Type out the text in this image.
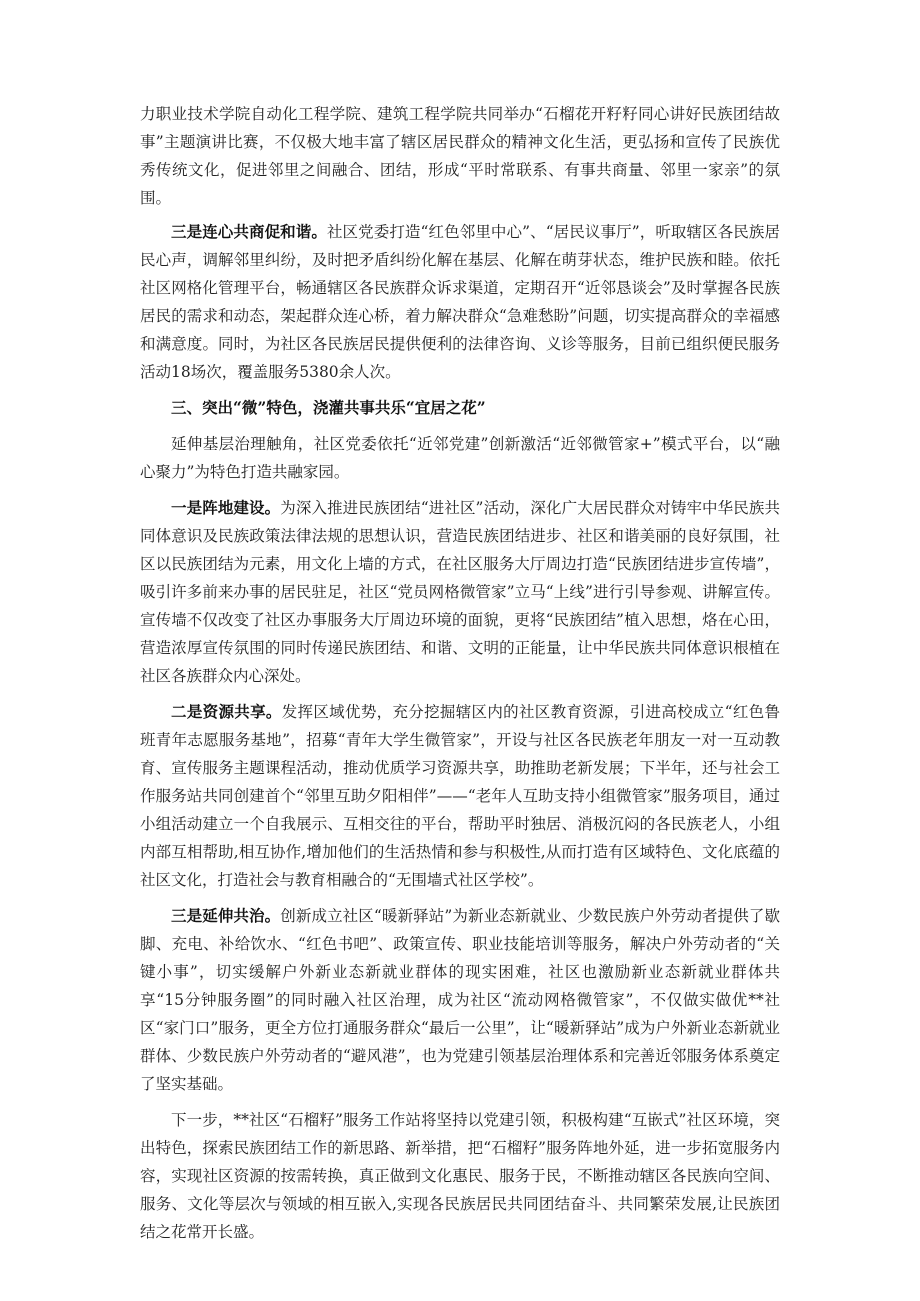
力职业技术学院自动化工程学院、建筑工程学院共同举办“石榴花开籽籽同心讲好民族团结故事”主题演讲比赛，不仅极大地丰富了辖区居民群众的精神文化生活，更弘扬和宣传了民族优秀传统文化，促进邻里之间融合、团结，形成“平时常联系、有事共商量、邻里一家亲”的氛围。

三是连心共商促和谐。社区党委打造“红色邻里中心”、“居民议事厅”，听取辖区各民族居民心声，调解邻里纠纷，及时把矛盾纠纷化解在基层、化解在萌芽状态，维护民族和睦。依托社区网格化管理平台，畅通辖区各民族群众诉求渠道，定期召开“近邻恳谈会”及时掌握各民族居民的需求和动态，架起群众连心桥，着力解决群众“急难愁盼”问题，切实提高群众的幸福感和满意度。同时，为社区各民族居民提供便利的法律咨询、义诊等服务，目前已组织便民服务活动18场次，覆盖服务5380余人次。

三、突出“微”特色，浇灌共事共乐“宜居之花”

延伸基层治理触角，社区党委依托“近邻党建”创新激活“近邻微管家+”模式平台，以“融心聚力”为特色打造共融家园。

一是阵地建设。为深入推进民族团结“进社区”活动，深化广大居民群众对铸牢中华民族共同体意识及民族政策法律法规的思想认识，营造民族团结进步、社区和谐美丽的良好氛围，社区以民族团结为元素，用文化上墙的方式，在社区服务大厅周边打造“民族团结进步宣传墙”，吸引许多前来办事的居民驻足，社区“党员网格微管家”立马“上线”进行引导参观、讲解宣传。宣传墙不仅改变了社区办事服务大厅周边环境的面貌，更将“民族团结”植入思想，烙在心田，营造浓厚宣传氛围的同时传递民族团结、和谐、文明的正能量，让中华民族共同体意识根植在社区各族群众内心深处。

二是资源共享。发挥区域优势，充分挖掘辖区内的社区教育资源，引进高校成立“红色鲁班青年志愿服务基地”，招募“青年大学生微管家”，开设与社区各民族老年朋友一对一互动教育、宣传服务主题课程活动，推动优质学习资源共享，助推助老新发展；下半年，还与社会工作服务站共同创建首个“邻里互助夕阳相伴”——“老年人互助支持小组微管家”服务项目，通过小组活动建立一个自我展示、互相交往的平台，帮助平时独居、消极沉闷的各民族老人，小组内部互相帮助,相互协作,增加他们的生活热情和参与积极性,从而打造有区域特色、文化底蕴的社区文化，打造社会与教育相融合的“无围墙式社区学校”。

三是延伸共治。创新成立社区“暖新驿站”为新业态新就业、少数民族户外劳动者提供了歇脚、充电、补给饮水、“红色书吧”、政策宣传、职业技能培训等服务，解决户外劳动者的“关键小事”，切实缓解户外新业态新就业群体的现实困难，社区也激励新业态新就业群体共享“15分钟服务圈”的同时融入社区治理，成为社区“流动网格微管家”，不仅做实做优**社区“家门口”服务，更全方位打通服务群众“最后一公里”，让“暖新驿站”成为户外新业态新就业群体、少数民族户外劳动者的“避风港”，也为党建引领基层治理体系和完善近邻服务体系奠定了坚实基础。

下一步，**社区“石榴籽”服务工作站将坚持以党建引领，积极构建“互嵌式”社区环境，突出特色，探索民族团结工作的新思路、新举措，把“石榴籽”服务阵地外延，进一步拓宽服务内容，实现社区资源的按需转换，真正做到文化惠民、服务于民，不断推动辖区各民族向空间、服务、文化等层次与领域的相互嵌入,实现各民族居民共同团结奋斗、共同繁荣发展,让民族团结之花常开长盛。
